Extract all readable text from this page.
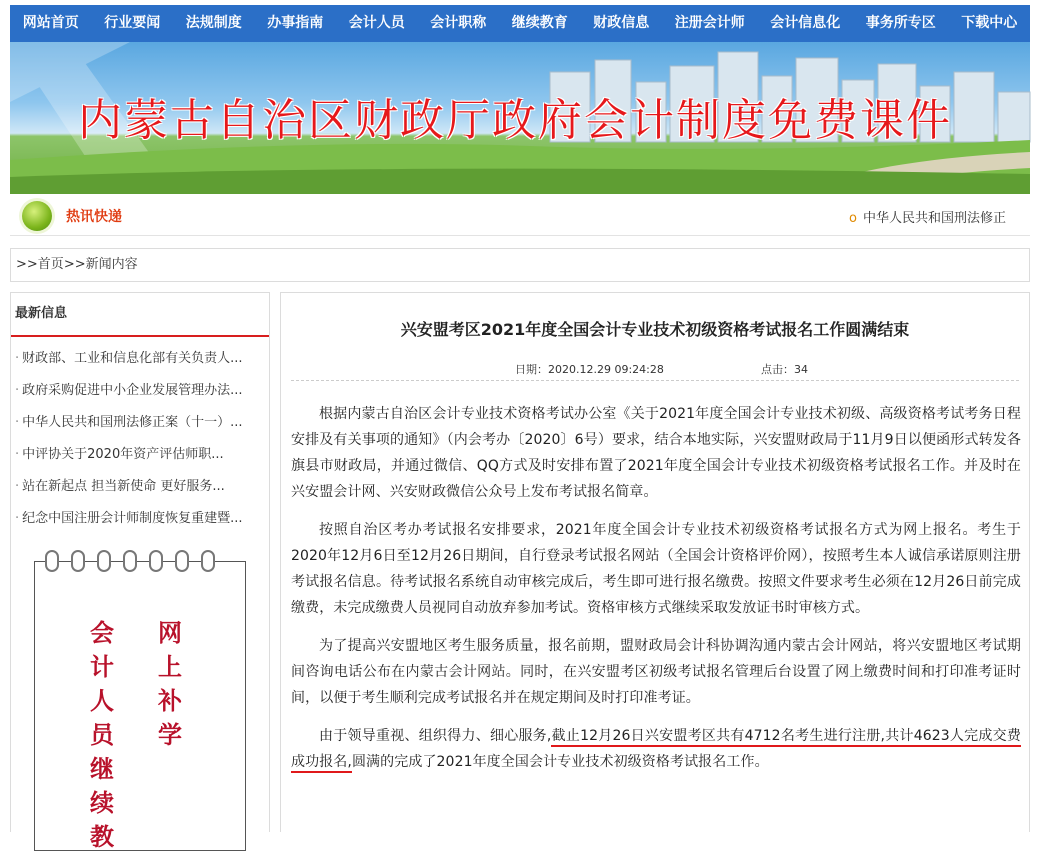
网站首页	行业要闻	法规制度	办事指南	会计人员	会计职称	继续教育	财政信息	注册会计师	会计信息化	事务所专区	下载中心
内蒙古自治区财政厅政府会计制度免费课件
热讯快递	o 中华人民共和国刑法修正
>>首页>>新闻内容
最新信息
· 财政部、工业和信息化部有关负责人...
· 政府采购促进中小企业发展管理办法...
· 中华人民共和国刑法修正案（十一）...
· 中评协关于2020年资产评估师职...
· 站在新起点 担当新使命 更好服务...
· 纪念中国注册会计师制度恢复重建暨...
会计人员继续教
网上补学
兴安盟考区2021年度全国会计专业技术初级资格考试报名工作圆满结束
日期：2020.12.29 09:24:28	点击：34

根据内蒙古自治区会计专业技术资格考试办公室《关于2021年度全国会计专业技术初级、高级资格考试考务日程安排及有关事项的通知》（内会考办〔2020〕6号）要求，结合本地实际，兴安盟财政局于11月9日以便函形式转发各旗县市财政局，并通过微信、QQ方式及时安排布置了2021年度全国会计专业技术初级资格考试报名工作。并及时在兴安盟会计网、兴安财政微信公众号上发布考试报名简章。

按照自治区考办考试报名安排要求，2021年度全国会计专业技术初级资格考试报名方式为网上报名。考生于2020年12月6日至12月26日期间，自行登录考试报名网站（全国会计资格评价网），按照考生本人诚信承诺原则注册考试报名信息。待考试报名系统自动审核完成后，考生即可进行报名缴费。按照文件要求考生必须在12月26日前完成缴费，未完成缴费人员视同自动放弃参加考试。资格审核方式继续采取发放证书时审核方式。

为了提高兴安盟地区考生服务质量，报名前期，盟财政局会计科协调沟通内蒙古会计网站，将兴安盟地区考试期间咨询电话公布在内蒙古会计网站。同时，在兴安盟考区初级考试报名管理后台设置了网上缴费时间和打印准考证时间，以便于考生顺利完成考试报名并在规定期间及时打印准考证。

由于领导重视、组织得力、细心服务,截止12月26日兴安盟考区共有4712名考生进行注册,共计4623人完成交费成功报名,圆满的完成了2021年度全国会计专业技术初级资格考试报名工作。
